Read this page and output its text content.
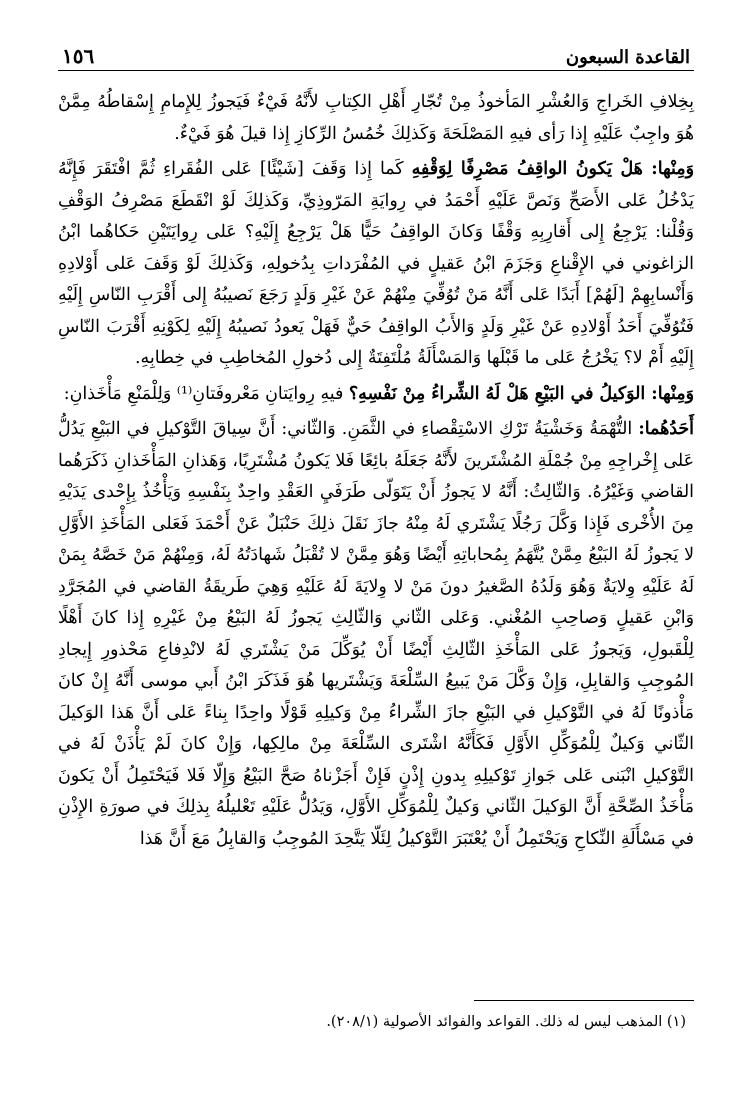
القاعدة السبعون
١٥٦

بِخِلافِ الخَراجِ وَالعُشْرِ المَأخوذُ مِنْ تُجّارِ أَهْلِ الكِتابِ لأَنَّهُ فَيْءٌ فَيَجوزُ لِلإِمامِ إِسْقاطُهُ مِمَّنْ هُوَ واجِبٌ عَلَيْهِ إِذا رَأى فيهِ المَصْلَحَةَ وَكَذلِكَ خُمُسُ الرِّكازِ إِذا قيلَ هُوَ فَيْءٌ.

وَمِنْها: هَلْ يَكونُ الواقِفُ مَصْرِفًا لِوَقْفِهِ كَما إِذا وَقَفَ [شَيْئًا] عَلى الفُقَراءِ ثُمَّ افْتَقَرَ فَإِنَّهُ يَدْخُلُ عَلى الأَصَحِّ وَنَصَّ عَلَيْهِ أَحْمَدُ في رِوايَةِ المَرّوذِيِّ، وَكَذلِكَ لَوْ انْقَطَعَ مَصْرِفُ الوَقْفِ وَقُلْنا: يَرْجِعُ إِلى أَقارِبِهِ وَقْفًا وَكانَ الواقِفُ حَيًّا هَلْ يَرْجِعُ إِلَيْهِ؟ عَلى رِوايَتَيْنِ حَكاهُما ابْنُ الزاغوني في الإِقْناعِ وَجَزَمَ ابْنُ عَقيلٍ في المُفْرَداتِ بِدُخولِهِ، وَكَذلِكَ لَوْ وَقَفَ عَلى أَوْلادِهِ وَأَنْسابِهِمْ [لَهُمْ] أَبَدًا عَلى أَنَّهُ مَنْ تُوُفِّيَ مِنْهُمْ عَنْ غَيْرِ وَلَدٍ رَجَعَ نَصيبُهُ إِلى أَقْرَبِ النّاسِ إِلَيْهِ فَتُوُفِّيَ أَحَدُ أَوْلادِهِ عَنْ غَيْرِ وَلَدٍ وَالأَبُ الواقِفُ حَيٌّ فَهَلْ يَعودُ نَصيبُهُ إِلَيْهِ لِكَوْنِهِ أَقْرَبَ النّاسِ إِلَيْهِ أَمْ لا؟ يَخْرُجُ عَلى ما قَبْلَها وَالمَسْأَلَةُ مُلْتَفِتَةٌ إِلى دُخولِ المُخاطِبِ في خِطابِهِ.

وَمِنْها: الوَكيلُ في البَيْعِ هَلْ لَهُ الشِّراءُ مِنْ نَفْسِهِ؟ فيهِ رِوايَتانِ مَعْروفَتانِ⁽¹⁾ وَلِلْمَنْعِ مَأْخَذانِ:

أَحَدُهُما: التُّهْمَةُ وَخَشْيَةُ تَرْكِ الاسْتِقْصاءِ في الثَّمَنِ. وَالثّاني: أَنَّ سِياقَ التَّوْكيلِ في البَيْعِ يَدُلُّ عَلى إِخْراجِهِ مِنْ جُمْلَةِ المُشْتَرينَ لأَنَّهُ جَعَلَهُ بائِعًا فَلا يَكونُ مُشْتَرِيًا، وَهَذانِ المَأْخَذانِ ذَكَرَهُما القاضي وَغَيْرُهُ. وَالثّالِثُ: أَنَّهُ لا يَجوزُ أَنْ يَتَوَلّى طَرَفَيِ العَقْدِ واحِدٌ بِنَفْسِهِ وَيَأْخُذُ بِإِحْدى يَدَيْهِ مِنَ الأُخْرى فَإِذا وَكَّلَ رَجُلًا يَشْتَري لَهُ مِنْهُ جازَ نَقَلَ ذلِكَ حَنْبَلٌ عَنْ أَحْمَدَ فَعَلى المَأْخَذِ الأَوَّلِ لا يَجوزُ لَهُ البَيْعُ مِمَّنْ يُتَّهَمُ بِمُحاباتِهِ أَيْضًا وَهُوَ مِمَّنْ لا تُقْبَلُ شَهادَتُهُ لَهُ، وَمِنْهُمْ مَنْ خَصَّهُ بِمَنْ لَهُ عَلَيْهِ وِلايَةٌ وَهُوَ وَلَدُهُ الصَّغيرُ دونَ مَنْ لا وِلايَةَ لَهُ عَلَيْهِ وَهِيَ طَريقَةُ القاضي في المُجَرَّدِ وَابْنِ عَقيلٍ وَصاحِبِ المُغْني. وَعَلى الثّاني وَالثّالِثِ يَجوزُ لَهُ البَيْعُ مِنْ غَيْرِهِ إِذا كانَ أَهْلًا لِلْقَبولِ، وَيَجوزُ عَلى المَأْخَذِ الثّالِثِ أَيْضًا أَنْ يُوَكِّلَ مَنْ يَشْتَري لَهُ لانْدِفاعِ مَحْذورِ إِيجادِ المُوجِبِ وَالقابِلِ، وَإِنْ وَكَّلَ مَنْ يَبيعُ السِّلْعَةَ وَيَشْتَريها هُوَ فَذَكَرَ ابْنُ أَبي موسى أَنَّهُ إِنْ كانَ مَأْذونًا لَهُ في التَّوْكيلِ في البَيْعِ جازَ الشِّراءُ مِنْ وَكيلِهِ قَوْلًا واحِدًا بِناءً عَلى أَنَّ هَذا الوَكيلَ الثّاني وَكيلٌ لِلْمُوَكِّلِ الأَوَّلِ فَكَأَنَّهُ اشْتَرى السِّلْعَةَ مِنْ مالِكِها، وَإِنْ كانَ لَمْ يَأْذَنْ لَهُ في التَّوْكيلِ انْبَنى عَلى جَوازِ تَوْكيلِهِ بِدونِ إِذْنٍ فَإِنْ أَجَزْناهُ صَحَّ البَيْعُ وَإِلّا فَلا فَيَحْتَمِلُ أَنْ يَكونَ مَأْخَذُ الصِّحَّةِ أَنَّ الوَكيلَ الثّاني وَكيلٌ لِلْمُوَكِّلِ الأَوَّلِ، وَيَدُلُّ عَلَيْهِ تَعْليلُهُ بِذلِكَ في صورَةِ الإِذْنِ في مَسْأَلَةِ النِّكاحِ وَيَحْتَمِلُ أَنْ يُعْتَبَرَ التَّوْكيلُ لِئَلّا يَتَّحِدَ المُوجِبُ وَالقابِلُ مَعَ أَنَّ هَذا

(١) المذهب ليس له ذلك. القواعد والفوائد الأصولية (٢٠٨/١).
